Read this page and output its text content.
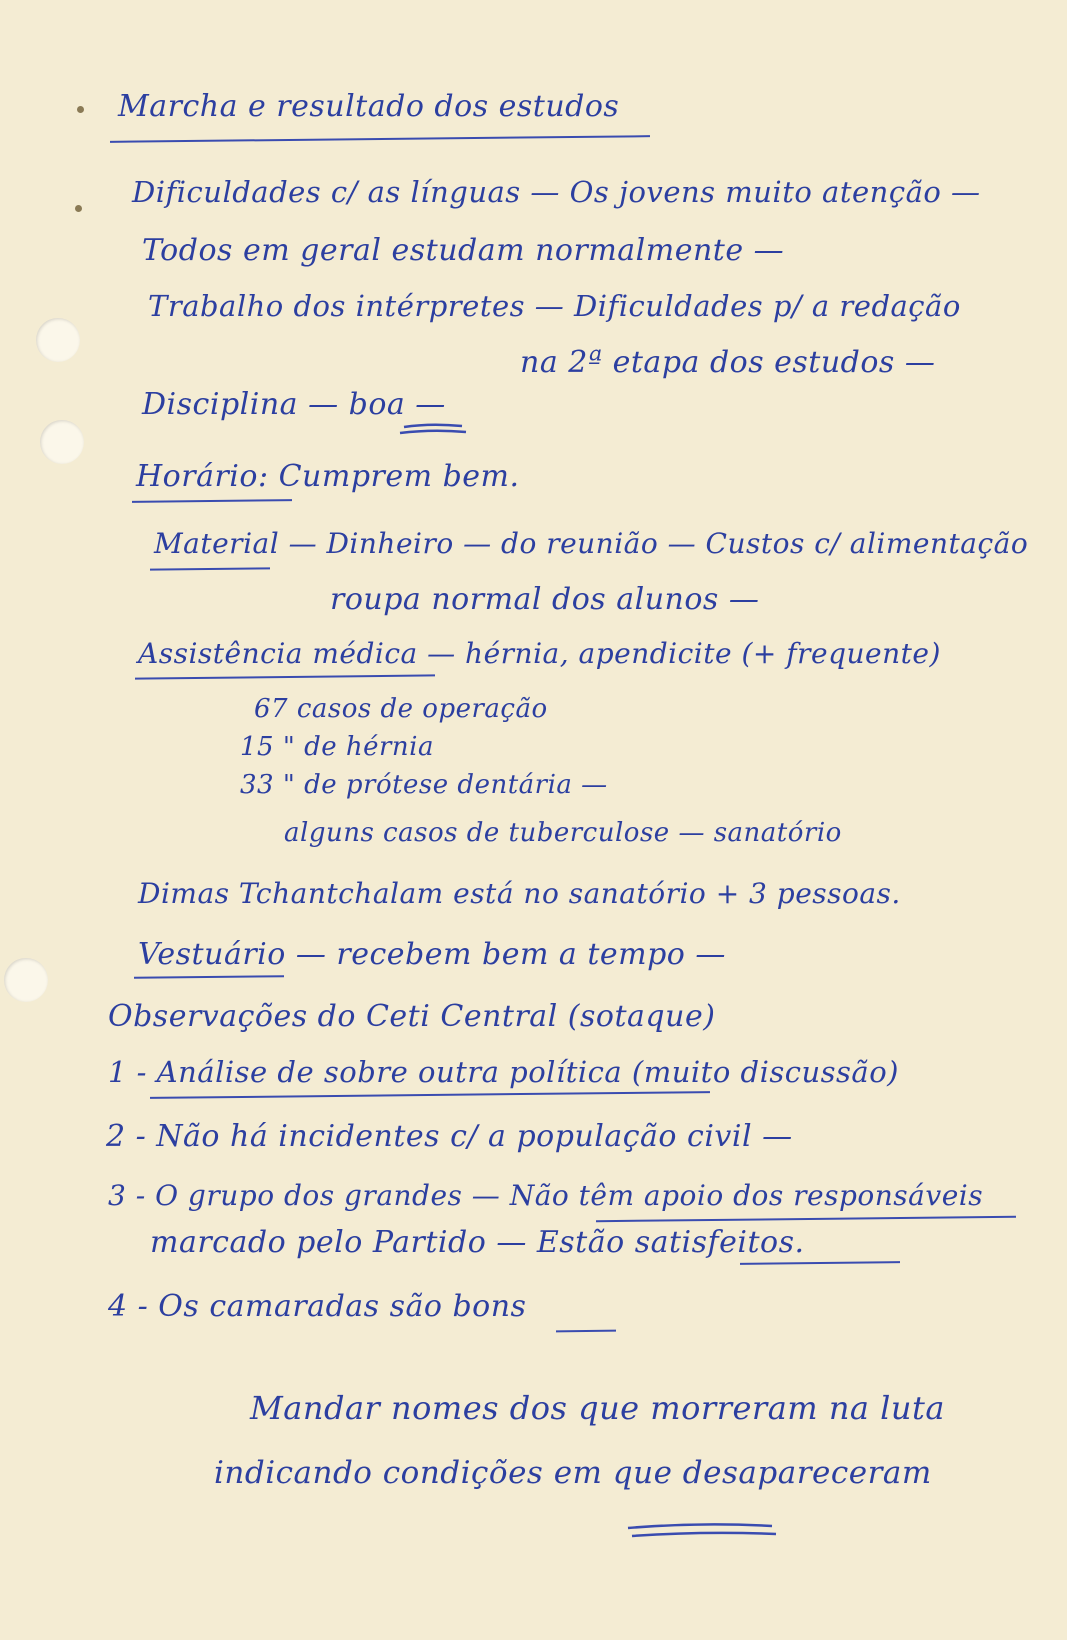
Marcha e resultado dos estudos
Dificuldades c/ as línguas — Os jovens muito atenção —
Todos em geral estudam normalmente —
Trabalho dos intérpretes — Dificuldades p/ a redação
na 2ª etapa dos estudos —
Disciplina — boa —
Horário: Cumprem bem.
Material — Dinheiro — do reunião — Custos c/ alimentação
roupa normal dos alunos —
Assistência médica — hérnia, apendicite (+ frequente)
67 casos de operação
15 " de hérnia
33 " de prótese dentária —
alguns casos de tuberculose — sanatório
Dimas Tchantchalam está no sanatório + 3 pessoas.
Vestuário — recebem bem a tempo —
Observações do Ceti Central (sotaque)
1 - Análise de sobre outra política (muito discussão)
2 - Não há incidentes c/ a população civil —
3 - O grupo dos grandes — Não têm apoio dos responsáveis
marcado pelo Partido — Estão satisfeitos.
4 - Os camaradas são bons
Mandar nomes dos que morreram na luta
indicando condições em que desapareceram
